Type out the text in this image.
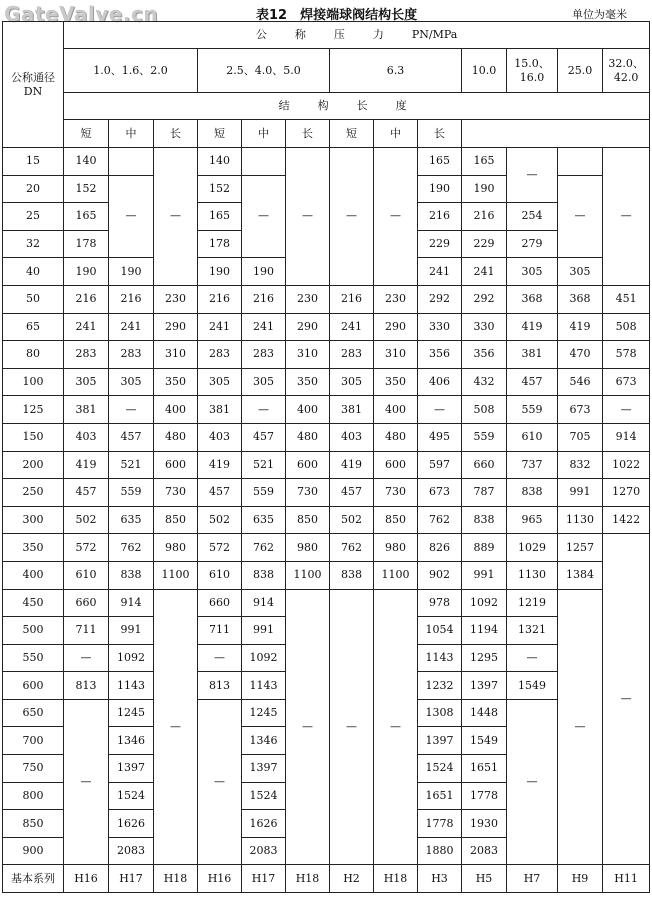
GateValve.cn	表12　焊接端球阀结构长度	单位为毫米
公称通径
DN	公称压力PN/MPa												
	1.0、1.6、2.0			2.5、4.0、5.0			6.3			10.0	15.0、16.0	25.0	32.0、42.0
	结构长度												
	短	中	长	短	中	长	短	中	长				
15	140		—	140		—	—	—	165	165	—		—
20	152	—		152	—				190	190		—	
25	165			165					216	216	254		
32	178			178					229	229	279		
40	190	190		190	190				241	241	305	305	
50	216	216	230	216	216	230	216	230	292	292	368	368	451
65	241	241	290	241	241	290	241	290	330	330	419	419	508
80	283	283	310	283	283	310	283	310	356	356	381	470	578
100	305	305	350	305	305	350	305	350	406	432	457	546	673
125	381	—	400	381	—	400	381	400	—	508	559	673	—
150	403	457	480	403	457	480	403	480	495	559	610	705	914
200	419	521	600	419	521	600	419	600	597	660	737	832	1022
250	457	559	730	457	559	730	457	730	673	787	838	991	1270
300	502	635	850	502	635	850	502	850	762	838	965	1130	1422
350	572	762	980	572	762	980	762	980	826	889	1029	1257	—
400	610	838	1100	610	838	1100	838	1100	902	991	1130	1384	
450	660	914	—	660	914	—	—	—	978	1092	1219	—	
500	711	991		711	991				1054	1194	1321		
550	—	1092		—	1092				1143	1295	—		
600	813	1143		813	1143				1232	1397	1549		
650	—	1245		—	1245				1308	1448	—		
700		1346			1346				1397	1549			
750		1397			1397				1524	1651			
800		1524			1524				1651	1778			
850		1626			1626				1778	1930			
900		2083			2083				1880	2083			
基本系列	H16	H17	H18	H16	H17	H18	H2	H18	H3	H5	H7	H9	H11
